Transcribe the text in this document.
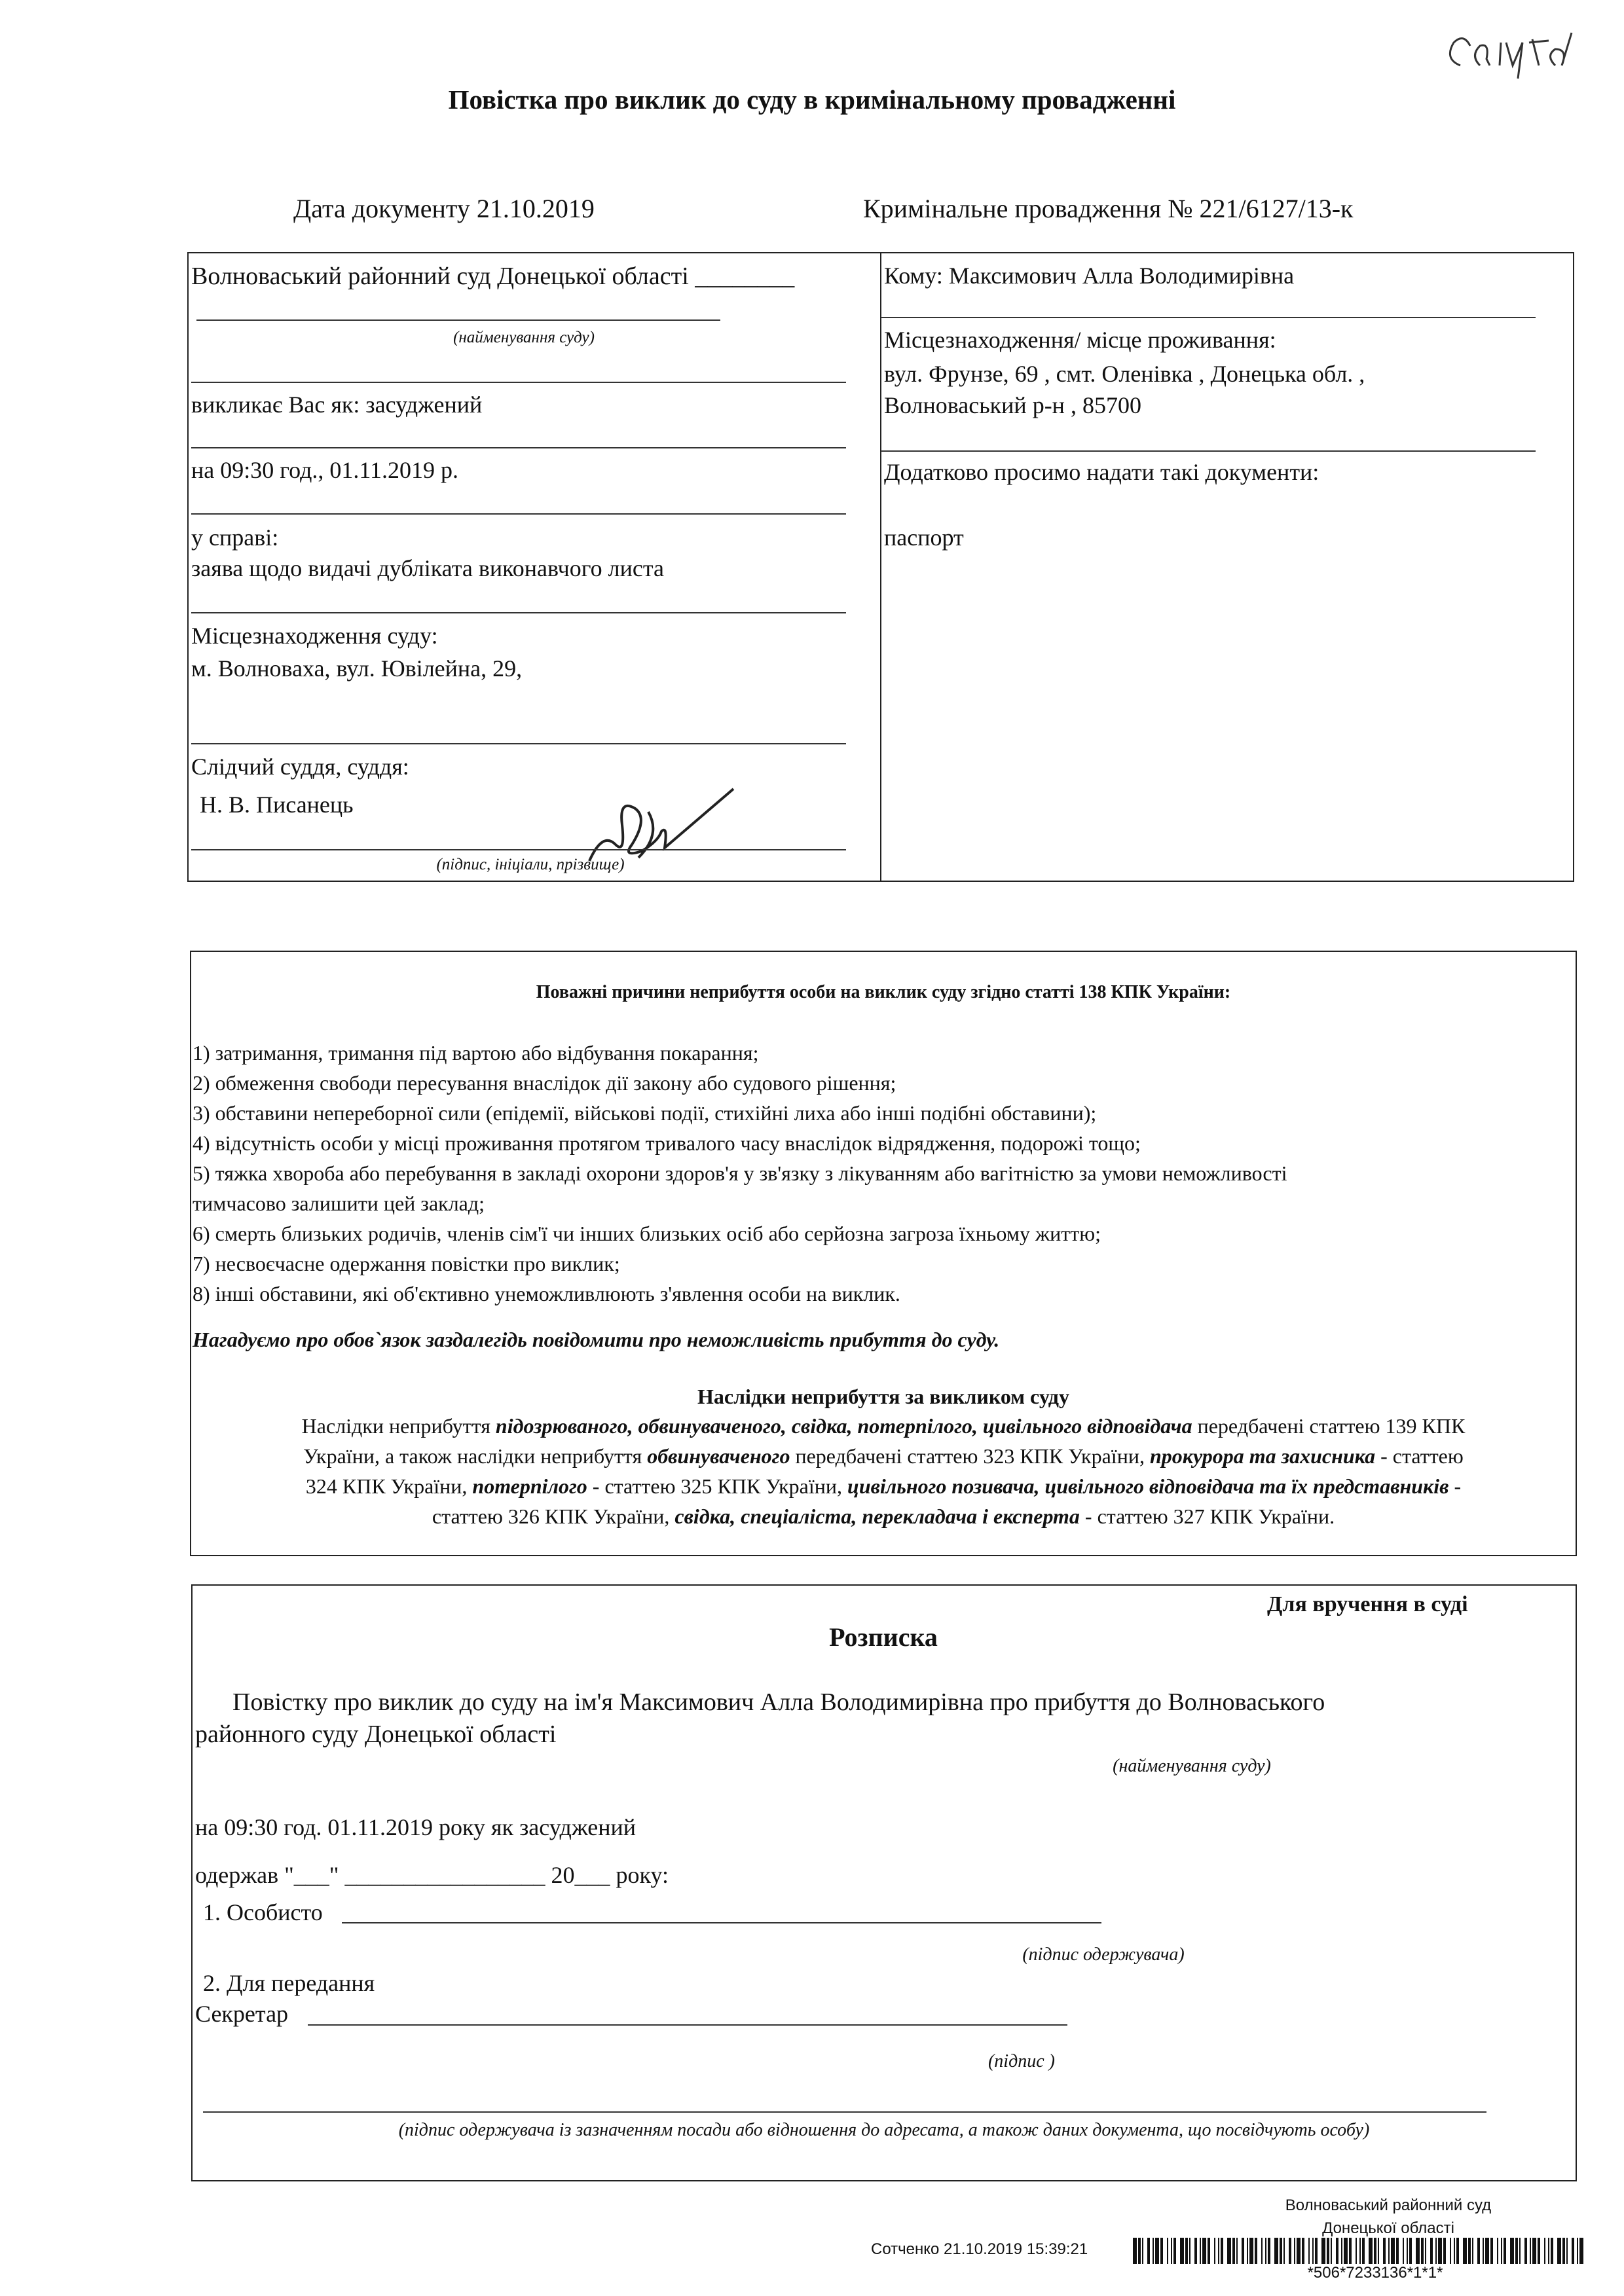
Повістка про виклик до суду в кримінальному провадженні
Дата документу 21.10.2019	Кримінальне провадження № 221/6127/13-к
Волноваський районний суд Донецької області ________
(найменування суду)
викликає Вас як: засуджений
на 09:30 год., 01.11.2019 р.
у справі:
заява щодо видачі дубліката виконавчого листа
Місцезнаходження суду:
м. Волноваха, вул. Ювілейна, 29,
Слідчий суддя, суддя:
Н. В. Писанець
(підпис, ініціали, прізвище)
Кому: Максимович Алла Володимирівна
Місцезнаходження/ місце проживання:
вул. Фрунзе, 69 , смт. Оленівка , Донецька обл. ,
Волноваський р-н , 85700
Додатково просимо надати такі документи:
паспорт
Поважні причини неприбуття особи на виклик суду згідно статті 138 КПК України:
1) затримання, тримання під вартою або відбування покарання;
2) обмеження свободи пересування внаслідок дії закону або судового рішення;
3) обставини непереборної сили (епідемії, військові події, стихійні лиха або інші подібні обставини);
4) відсутність особи у місці проживання протягом тривалого часу внаслідок відрядження, подорожі тощо;
5) тяжка хвороба або перебування в закладі охорони здоров'я у зв'язку з лікуванням або вагітністю за умови неможливості
тимчасово залишити цей заклад;
6) смерть близьких родичів, членів сім'ї чи інших близьких осіб або серйозна загроза їхньому життю;
7) несвоєчасне одержання повістки про виклик;
8) інші обставини, які об'єктивно унеможливлюють з'явлення особи на виклик.
Нагадуємо про обов`язок заздалегідь повідомити про неможливість прибуття до суду.
Наслідки неприбуття за викликом суду
Наслідки неприбуття підозрюваного, обвинуваченого, свідка, потерпілого, цивільного відповідача передбачені статтею 139 КПК
України, а також наслідки неприбуття обвинуваченого передбачені статтею 323 КПК України, прокурора та захисника - статтею
324 КПК України, потерпілого - статтею 325 КПК України, цивільного позивача, цивільного відповідача та їх представників -
статтею 326 КПК України, свідка, спеціаліста, перекладача і експерта - статтею 327 КПК України.
Для вручення в суді
Розписка
Повістку про виклик до суду на ім'я Максимович Алла Володимирівна про прибуття до Волноваського
районного суду Донецької області
(найменування суду)
на 09:30 год. 01.11.2019 року як засуджений
одержав "___" _________________ 20___ року:
1. Особисто
(підпис одержувача)
2. Для передання
Секретар
(підпис )
(підпис одержувача із зазначенням посади або відношення до адресата, а також даних документа, що посвідчують особу)
Волноваський районний суд
Донецької області
Сотченко 21.10.2019 15:39:21
*506*7233136*1*1*
